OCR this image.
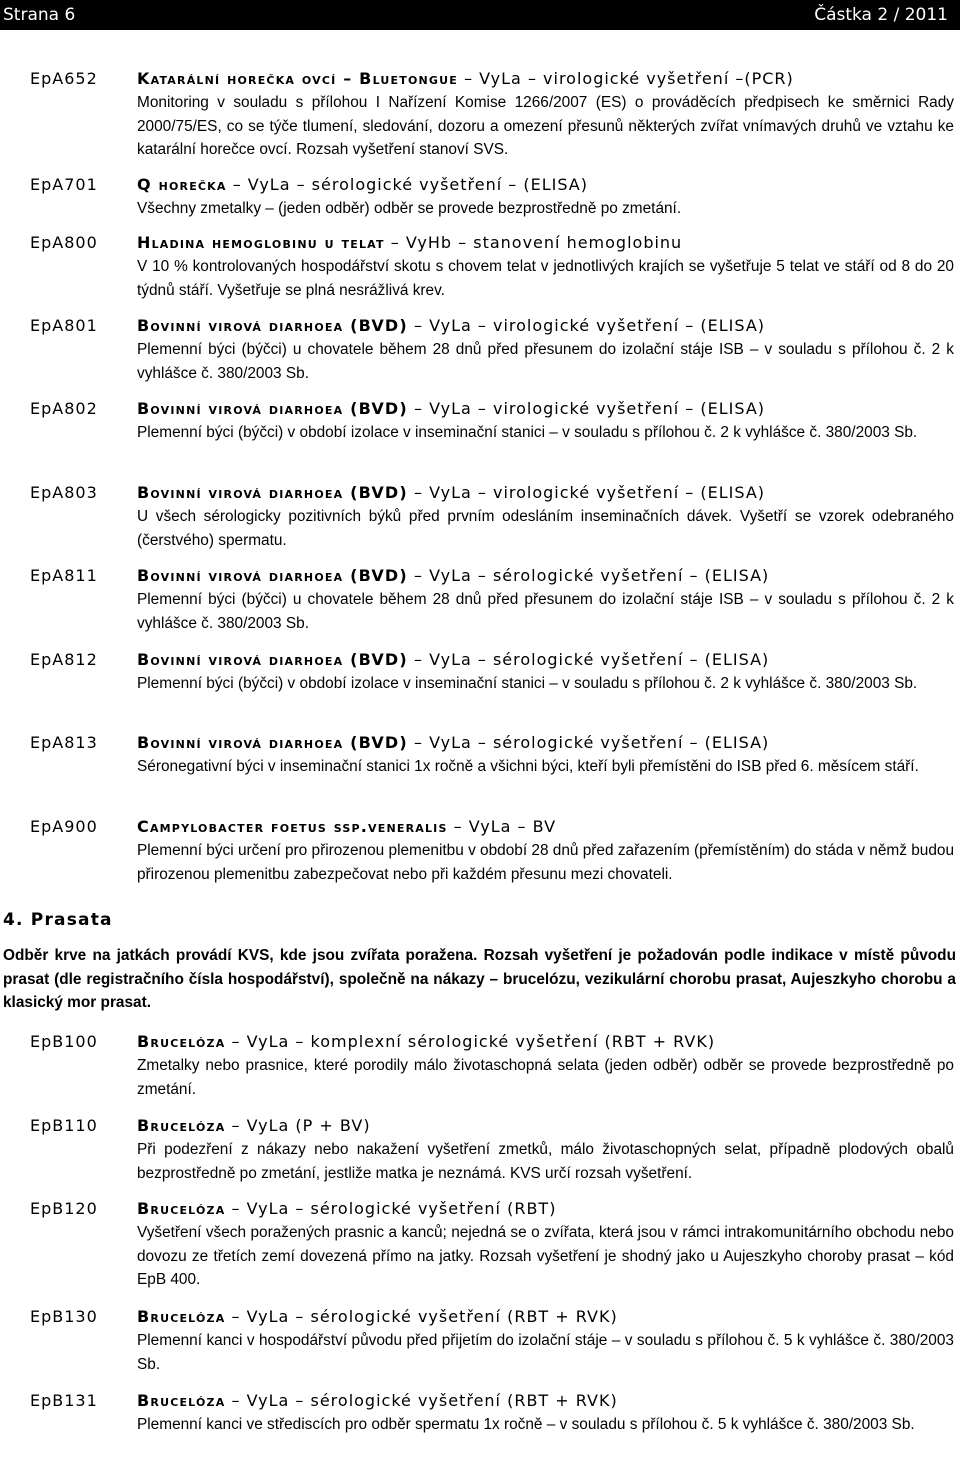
Strana 6	Částka 2 / 2011
EpA652 Katarální horečka ovcí – Bluetongue – VyLa – virologické vyšetření –(PCR)
Monitoring v souladu s přílohou I Nařízení Komise 1266/2007 (ES) o prováděcích předpisech ke směrnici Rady 2000/75/ES, co se týče tlumení, sledování, dozoru a omezení přesunů některých zvířat vnímavých druhů ve vztahu ke katarální horečce ovcí. Rozsah vyšetření stanoví SVS.
EpA701 Q horečka – VyLa – sérologické vyšetření – (ELISA)
Všechny zmetalky – (jeden odběr) odběr se provede bezprostředně po zmetání.
EpA800 Hladina hemoglobinu u telat – VyHb – stanovení hemoglobinu
V 10 % kontrolovaných hospodářství skotu s chovem telat v jednotlivých krajích se vyšetřuje 5 telat ve stáří od 8 do 20 týdnů stáří. Vyšetřuje se plná nesrážlivá krev.
EpA801 Bovinní virová diarhoea (BVD) – VyLa – virologické vyšetření – (ELISA)
Plemenní býci (býčci) u chovatele během 28 dnů před přesunem do izolační stáje ISB – v souladu s přílohou č. 2 k vyhlášce č. 380/2003 Sb.
EpA802 Bovinní virová diarhoea (BVD) – VyLa – virologické vyšetření – (ELISA)
Plemenní býci (býčci) v období izolace v inseminační stanici – v souladu s přílohou č. 2 k vyhlášce č. 380/2003 Sb.
EpA803 Bovinní virová diarhoea (BVD) – VyLa – virologické vyšetření – (ELISA)
U všech sérologicky pozitivních býků před prvním odesláním inseminačních dávek. Vyšetří se vzorek odebraného (čerstvého) spermatu.
EpA811 Bovinní virová diarhoea (BVD) – VyLa – sérologické vyšetření – (ELISA)
Plemenní býci (býčci) u chovatele během 28 dnů před přesunem do izolační stáje ISB – v souladu s přílohou č. 2 k vyhlášce č. 380/2003 Sb.
EpA812 Bovinní virová diarhoea (BVD) – VyLa – sérologické vyšetření – (ELISA)
Plemenní býci (býčci) v období izolace v inseminační stanici – v souladu s přílohou č. 2 k vyhlášce č. 380/2003 Sb.
EpA813 Bovinní virová diarhoea (BVD) – VyLa – sérologické vyšetření – (ELISA)
Séronegativní býci v inseminační stanici 1x ročně a všichni býci, kteří byli přemístěni do ISB před 6. měsícem stáří.
EpA900 Campylobacter foetus ssp.veneralis – VyLa – BV
Plemenní býci určení pro přirozenou plemenitbu v období 28 dnů před zařazením (přemístěním) do stáda v němž budou přirozenou plemenitbu zabezpečovat nebo při každém přesunu mezi chovateli.
4. Prasata
Odběr krve na jatkách provádí KVS, kde jsou zvířata poražena. Rozsah vyšetření je požadován podle indikace v místě původu prasat (dle registračního čísla hospodářství), společně na nákazy – brucelózu, vezikulární chorobu prasat, Aujeszkyho chorobu a klasický mor prasat.
EpB100 Brucelóza – VyLa – komplexní sérologické vyšetření (RBT + RVK)
Zmetalky nebo prasnice, které porodily málo životaschopná selata (jeden odběr) odběr se provede bezprostředně po zmetání.
EpB110 Brucelóza – VyLa (P + BV)
Při podezření z nákazy nebo nakažení vyšetření zmetků, málo životaschopných selat, případně plodových obalů bezprostředně po zmetání, jestliže matka je neznámá. KVS určí rozsah vyšetření.
EpB120 Brucelóza – VyLa – sérologické vyšetření (RBT)
Vyšetření všech poražených prasnic a kanců; nejedná se o zvířata, která jsou v rámci intrakomunitárního obchodu nebo dovozu ze třetích zemí dovezená přímo na jatky. Rozsah vyšetření je shodný jako u Aujeszkyho choroby prasat – kód EpB 400.
EpB130 Brucelóza – VyLa – sérologické vyšetření (RBT + RVK)
Plemenní kanci v hospodářství původu před přijetím do izolační stáje – v souladu s přílohou č. 5 k vyhlášce č. 380/2003 Sb.
EpB131 Brucelóza – VyLa – sérologické vyšetření (RBT + RVK)
Plemenní kanci ve střediscích pro odběr spermatu 1x ročně – v souladu s přílohou č. 5 k vyhlášce č. 380/2003 Sb.
